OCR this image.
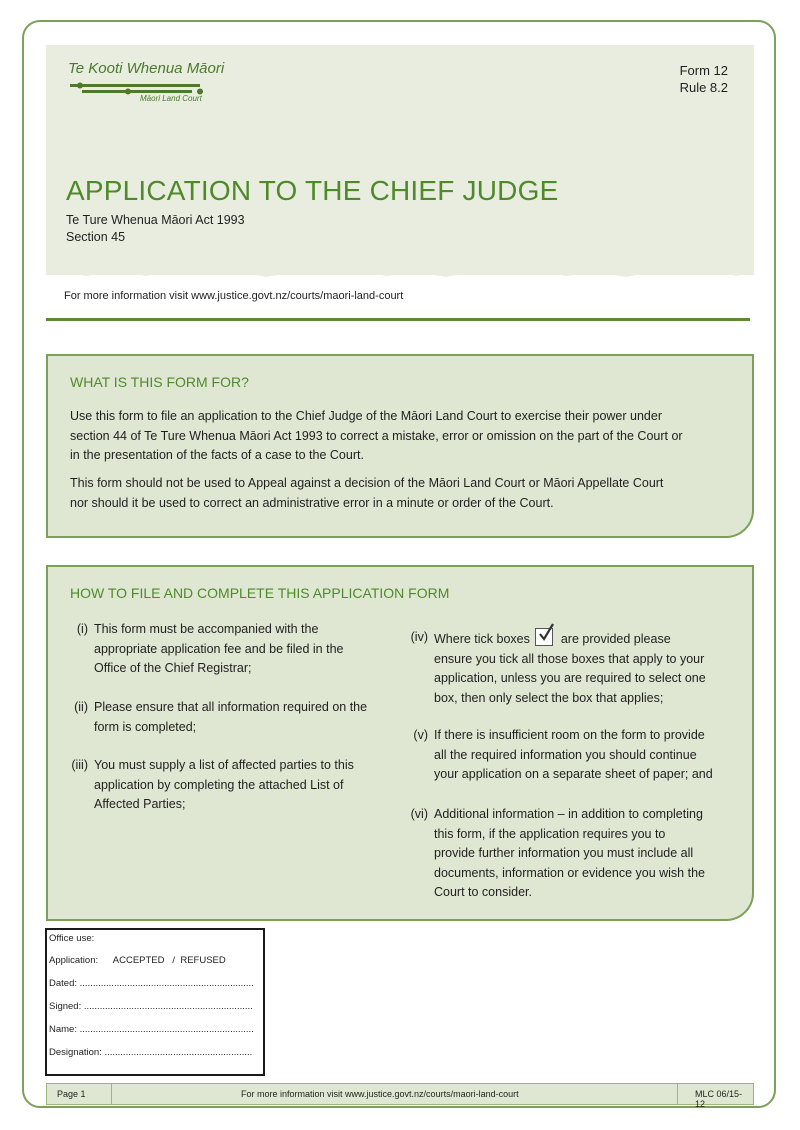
Te Kooti Whenua Māori
Māori Land Court
Form 12
Rule 8.2
APPLICATION TO THE CHIEF JUDGE
Te Ture Whenua Māori Act 1993
Section 45
For more information visit www.justice.govt.nz/courts/maori-land-court
WHAT IS THIS FORM FOR?
Use this form to file an application to the Chief Judge of the Māori Land Court to exercise their power under
section 44 of Te Ture Whenua Māori Act 1993 to correct a mistake, error or omission on the part of the Court or
in the presentation of the facts of a case to the Court.
This form should not be used to Appeal against a decision of the Māori Land Court or Māori Appellate Court
nor should it be used to correct an administrative error in a minute or order of the Court.
HOW TO FILE AND COMPLETE THIS APPLICATION FORM
(i) This form must be accompanied with the
appropriate application fee and be filed in the
Office of the Chief Registrar;
(ii) Please ensure that all information required on the
form is completed;
(iii) You must supply a list of affected parties to this
application by completing the attached List of
Affected Parties;
(iv) Where tick boxes are provided please
ensure you tick all those boxes that apply to your
application, unless you are required to select one
box, then only select the box that applies;
(v) If there is insufficient room on the form to provide
all the required information you should continue
your application on a separate sheet of paper; and
(vi) Additional information – in addition to completing
this form, if the application requires you to
provide further information you must include all
documents, information or evidence you wish the
Court to consider.
Office use:
Application: ACCEPTED   /  REFUSED
Dated: ..................................................................
Signed: ................................................................
Name: ..................................................................
Designation: ........................................................
Page 1	For more information visit www.justice.govt.nz/courts/maori-land-court	MLC 06/15- 12
